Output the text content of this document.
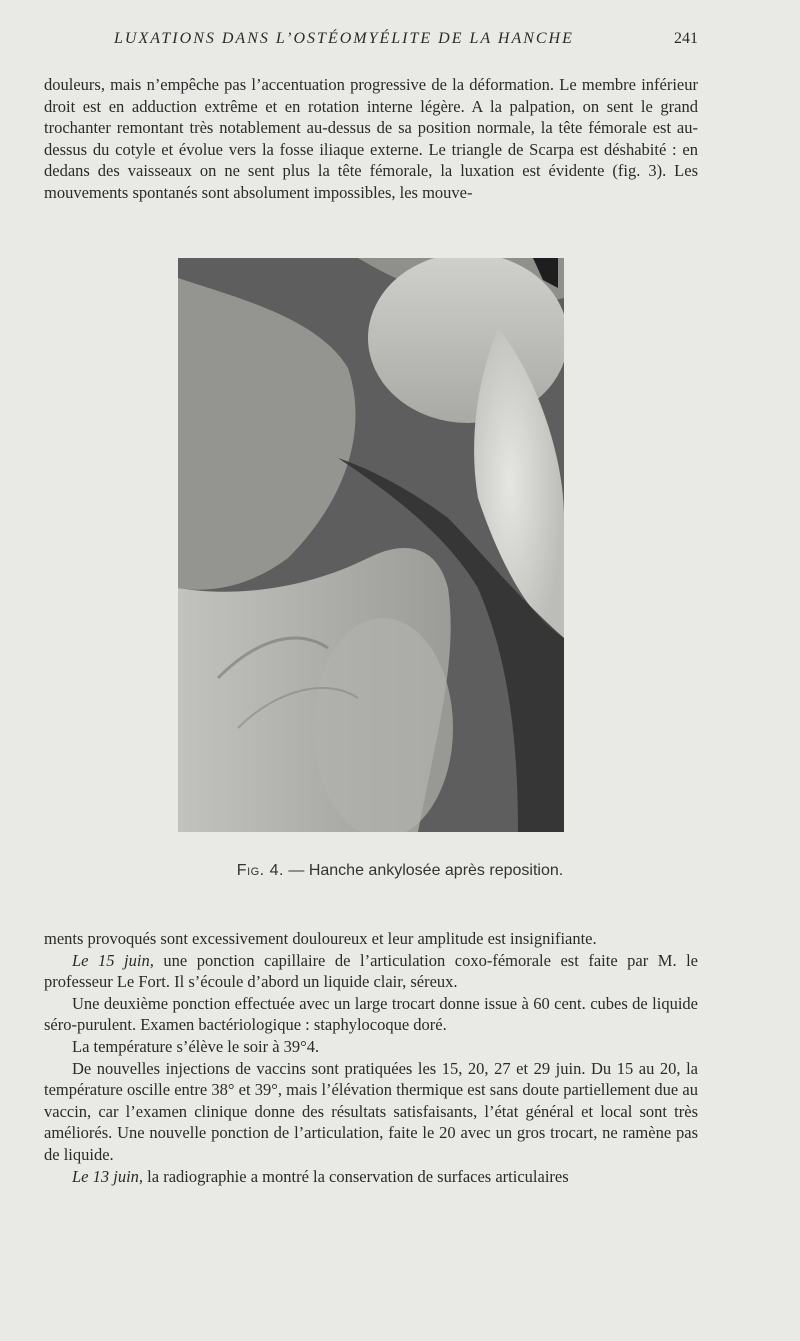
LUXATIONS DANS L’OSTÉOMYÉLITE DE LA HANCHE	241

douleurs, mais n’empêche pas l’accentuation progressive de la déformation. Le membre inférieur droit est en adduction extrême et en rotation interne légère. A la palpation, on sent le grand trochanter remontant très notablement au-dessus de sa position normale, la tête fémorale est au-dessus du cotyle et évolue vers la fosse iliaque externe. Le triangle de Scarpa est déshabité : en dedans des vaisseaux on ne sent plus la tête fémorale, la luxation est évidente (fig. 3). Les mouvements spontanés sont absolument impossibles, les mouve-

Fig. 4. — Hanche ankylosée après reposition.

ments provoqués sont excessivement douloureux et leur amplitude est insignifiante.

Le 15 juin, une ponction capillaire de l’articulation coxo-fémorale est faite par M. le professeur Le Fort. Il s’écoule d’abord un liquide clair, séreux.

Une deuxième ponction effectuée avec un large trocart donne issue à 60 cent. cubes de liquide séro-purulent. Examen bactériologique : staphylocoque doré.

La température s’élève le soir à 39°4.

De nouvelles injections de vaccins sont pratiquées les 15, 20, 27 et 29 juin. Du 15 au 20, la température oscille entre 38° et 39°, mais l’élévation thermique est sans doute partiellement due au vaccin, car l’examen clinique donne des résultats satisfaisants, l’état général et local sont très améliorés. Une nouvelle ponction de l’articulation, faite le 20 avec un gros trocart, ne ramène pas de liquide.

Le 13 juin, la radiographie a montré la conservation de surfaces articulaires
